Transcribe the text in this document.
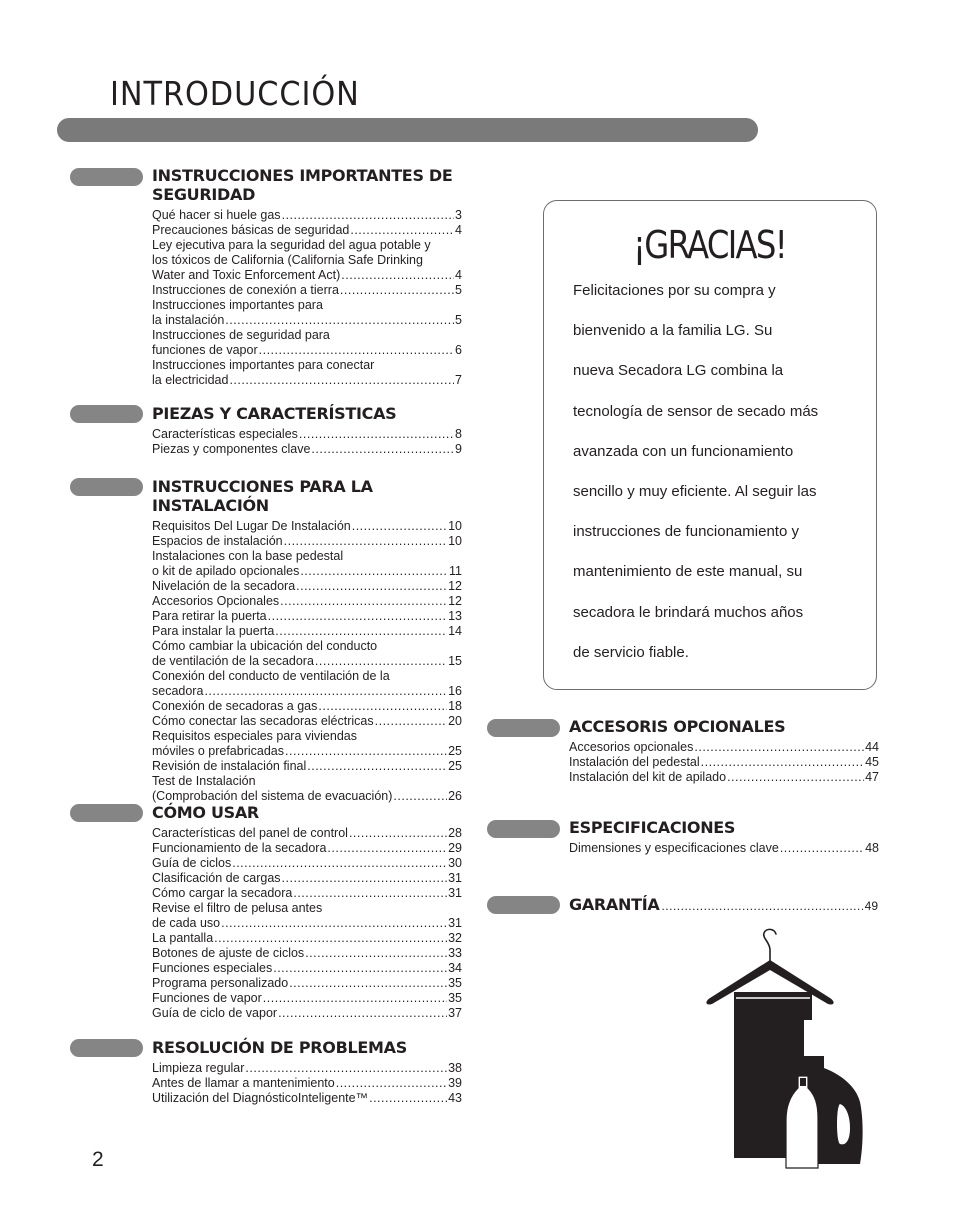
INTRODUCCIÓN
INSTRUCCIONES IMPORTANTES DE
SEGURIDAD
Qué hacer si huele gas .....	3
Precauciones básicas de seguridad .....	4
Ley ejecutiva para la seguridad del agua potable y
los tóxicos de California (California Safe Drinking
Water and Toxic Enforcement Act) .....	4
Instrucciones de conexión a tierra .....	5
Instrucciones importantes para
la instalación .....	5
Instrucciones de seguridad para
funciones de vapor .....	6
Instrucciones importantes para conectar
la electricidad .....	7
PIEZAS Y CARACTERÍSTICAS
Características especiales .....	8
Piezas y componentes clave .....	9
INSTRUCCIONES PARA LA INSTALACIÓN
Requisitos Del Lugar De Instalación .....	10
Espacios de instalación .....	10
Instalaciones con la base pedestal
o kit de apilado opcionales .....	11
Nivelación de la secadora .....	12
Accesorios Opcionales .....	12
Para retirar la puerta .....	13
Para instalar la puerta .....	14
Cómo cambiar la ubicación del conducto
de ventilación de la secadora .....	15
Conexión del conducto de ventilación de la
secadora .....	16
Conexión de secadoras a gas .....	18
Cómo conectar las secadoras eléctricas .....	20
Requisitos especiales para viviendas
móviles o prefabricadas .....	25
Revisión de instalación final .....	25
Test de Instalación
(Comprobación del sistema de evacuación) .....	26
CÓMO USAR
Características del panel de control .....	28
Funcionamiento de la secadora .....	29
Guía de ciclos .....	30
Clasificación de cargas .....	31
Cómo cargar la secadora .....	31
Revise el filtro de pelusa antes
de cada uso .....	31
La pantalla .....	32
Botones de ajuste de ciclos .....	33
Funciones especiales .....	34
Programa personalizado .....	35
Funciones de vapor .....	35
Guía de ciclo de vapor .....	37
RESOLUCIÓN DE PROBLEMAS
Limpieza regular .....	38
Antes de llamar a mantenimiento .....	39
Utilización del DiagnósticoInteligente™ .....	43
¡GRACIAS!
Felicitaciones por su compra y
bienvenido a la familia LG. Su
nueva Secadora LG combina la
tecnología de sensor de secado más
avanzada con un funcionamiento
sencillo y muy eficiente. Al seguir las
instrucciones de funcionamiento y
mantenimiento de este manual, su
secadora le brindará muchos años
de servicio fiable.
ACCESORIS OPCIONALES
Accesorios opcionales .....	44
Instalación del pedestal .....	45
Instalación del kit de apilado .....	47
ESPECIFICACIONES
Dimensiones y especificaciones clave .....	48
GARANTÍA .....	49
2
